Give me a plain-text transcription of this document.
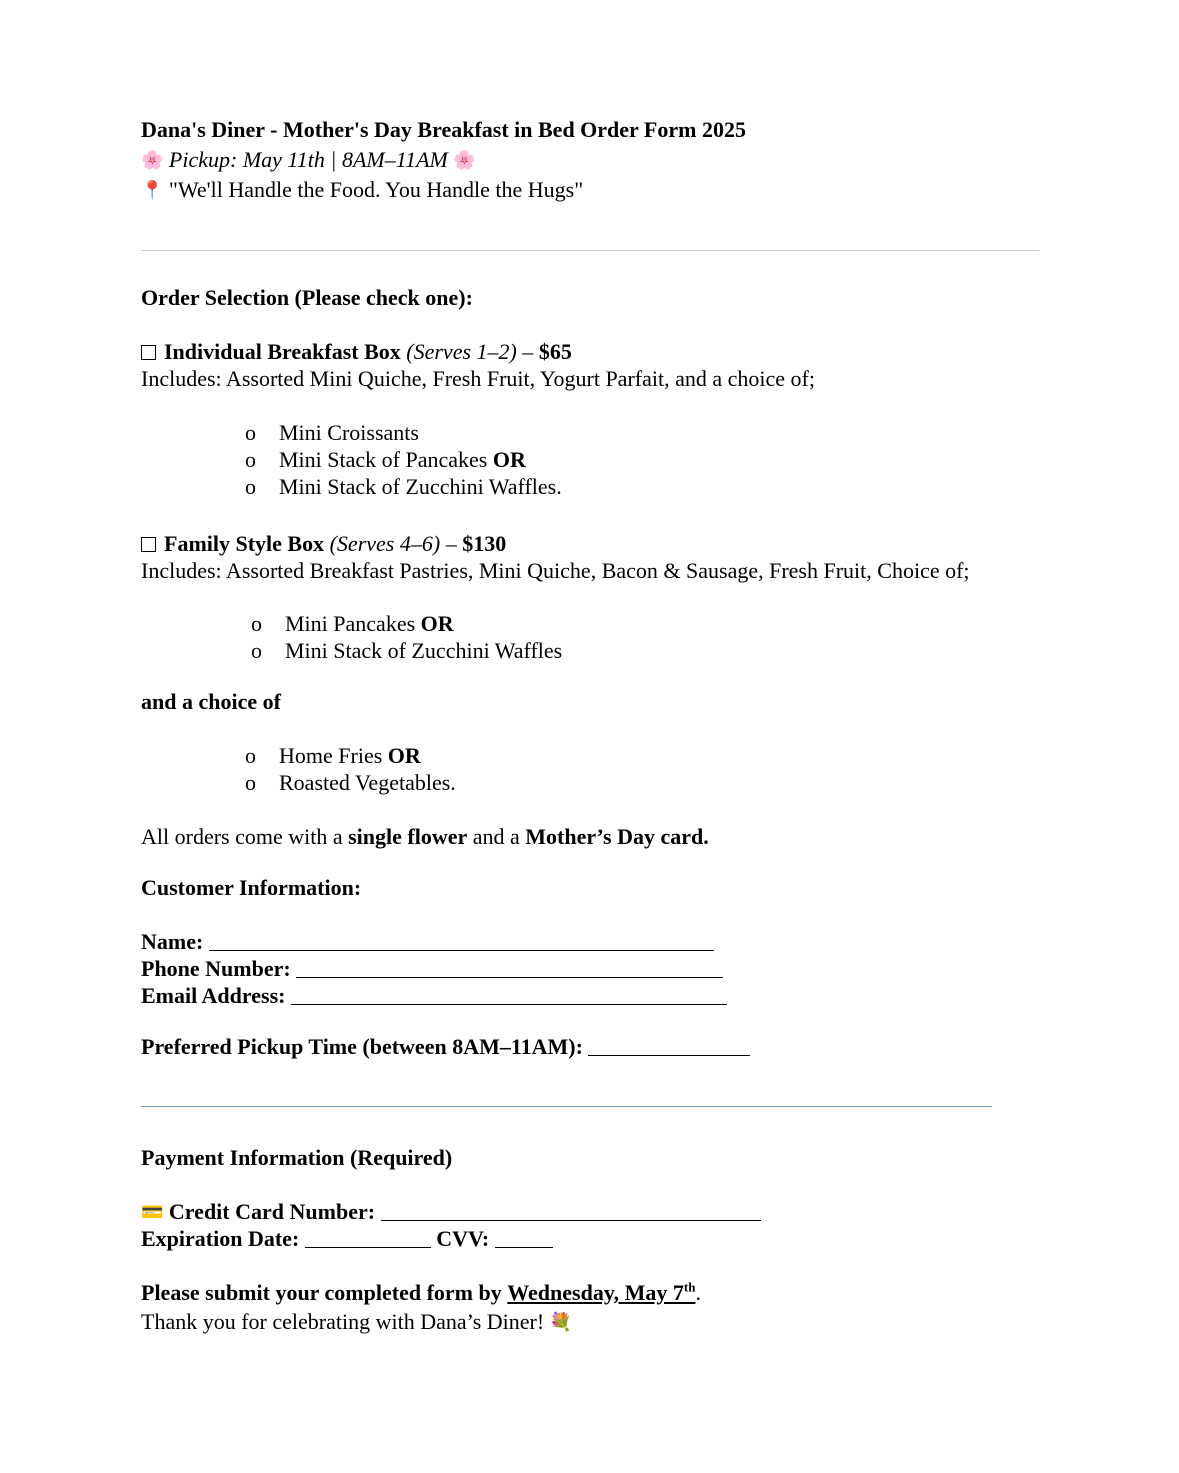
Dana's Diner - Mother's Day Breakfast in Bed Order Form 2025
🌸 Pickup: May 11th | 8AM–11AM 🌸
📍 "We'll Handle the Food. You Handle the Hugs"
Order Selection (Please check one):
Individual Breakfast Box (Serves 1–2) – $65
Includes: Assorted Mini Quiche, Fresh Fruit, Yogurt Parfait, and a choice of;
o Mini Croissants
o Mini Stack of Pancakes OR
o Mini Stack of Zucchini Waffles.
Family Style Box (Serves 4–6) – $130
Includes: Assorted Breakfast Pastries, Mini Quiche, Bacon & Sausage, Fresh Fruit, Choice of;
o Mini Pancakes OR
o Mini Stack of Zucchini Waffles
and a choice of
o Home Fries OR
o Roasted Vegetables.
All orders come with a single flower and a Mother’s Day card.
Customer Information:
Name:
Phone Number:
Email Address:
Preferred Pickup Time (between 8AM–11AM):
Payment Information (Required)
💳 Credit Card Number:
Expiration Date:	CVV:
Please submit your completed form by Wednesday, May 7th.
Thank you for celebrating with Dana’s Diner! 💐
